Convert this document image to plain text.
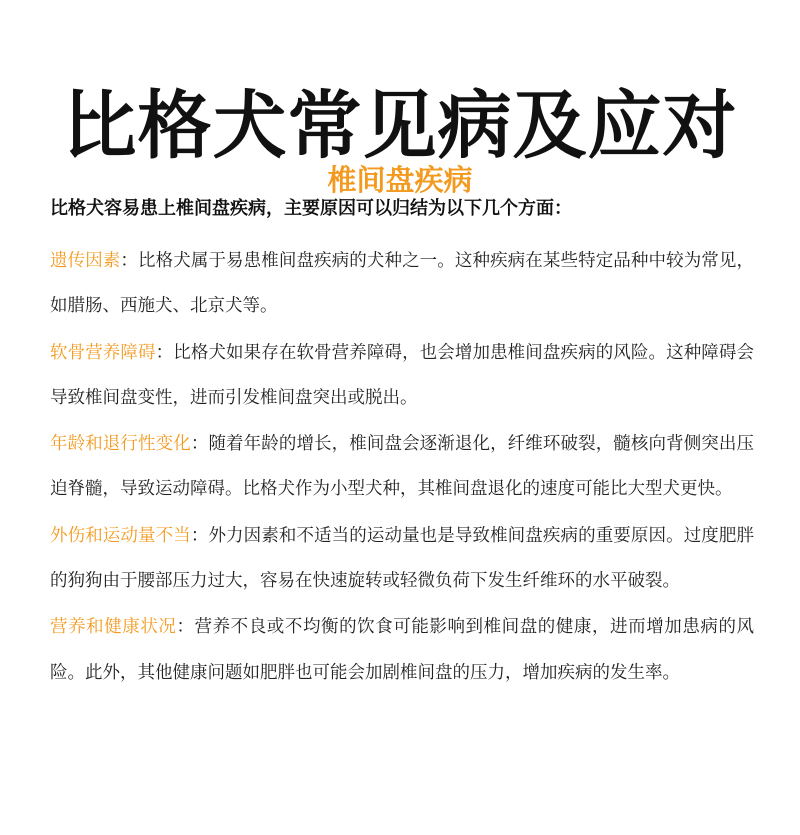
比格犬常见病及应对
椎间盘疾病
比格犬容易患上椎间盘疾病，主要原因可以归结为以下几个方面：

遗传因素：比格犬属于易患椎间盘疾病的犬种之一。这种疾病在某些特定品种中较为常见，如腊肠、西施犬、北京犬等。

软骨营养障碍：比格犬如果存在软骨营养障碍，也会增加患椎间盘疾病的风险。这种障碍会导致椎间盘变性，进而引发椎间盘突出或脱出。

年龄和退行性变化：随着年龄的增长，椎间盘会逐渐退化，纤维环破裂，髓核向背侧突出压迫脊髓，导致运动障碍。比格犬作为小型犬种，其椎间盘退化的速度可能比大型犬更快。

外伤和运动量不当：外力因素和不适当的运动量也是导致椎间盘疾病的重要原因。过度肥胖的狗狗由于腰部压力过大，容易在快速旋转或轻微负荷下发生纤维环的水平破裂。

营养和健康状况：营养不良或不均衡的饮食可能影响到椎间盘的健康，进而增加患病的风险。此外，其他健康问题如肥胖也可能会加剧椎间盘的压力，增加疾病的发生率。
